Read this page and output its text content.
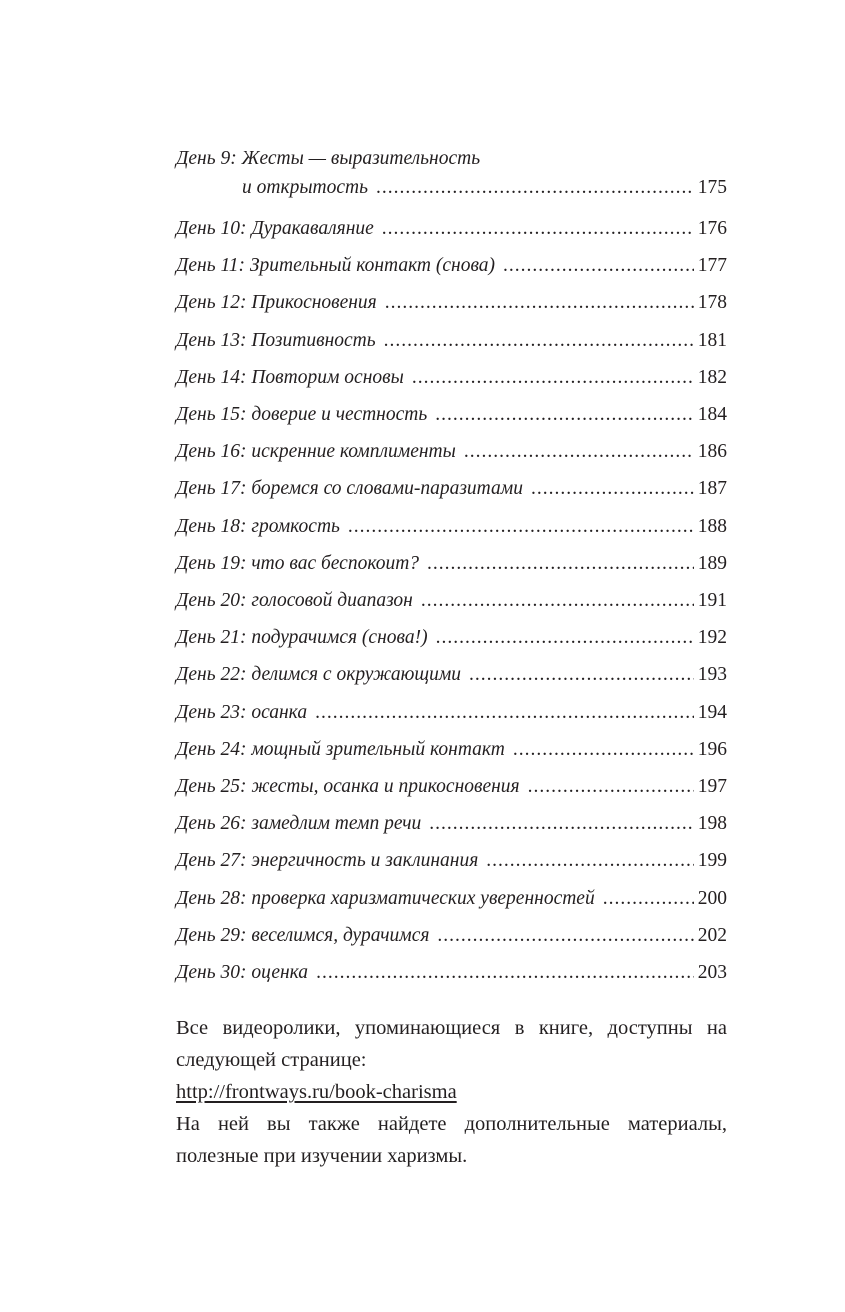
День 9: Жесты — выразительность
и открытость .....	175
День 10: Дуракаваляние .....	176
День 11: Зрительный контакт (снова) .....	177
День 12: Прикосновения .....	178
День 13: Позитивность .....	181
День 14: Повторим основы .....	182
День 15: доверие и честность .....	184
День 16: искренние комплименты .....	186
День 17: боремся со словами-паразитами .....	187
День 18: громкость .....	188
День 19: что вас беспокоит? .....	189
День 20: голосовой диапазон .....	191
День 21: подурачимся (снова!) .....	192
День 22: делимся с окружающими .....	193
День 23: осанка .....	194
День 24: мощный зрительный контакт .....	196
День 25: жесты, осанка и прикосновения .....	197
День 26: замедлим темп речи .....	198
День 27: энергичность и заклинания .....	199
День 28: проверка харизматических уверенностей .....	200
День 29: веселимся, дурачимся .....	202
День 30: оценка .....	203

Все видеоролики, упоминающиеся в книге, доступны на следующей странице:

http://frontways.ru/book-charisma

На ней вы также найдете дополнительные материалы, полезные при изучении харизмы.
